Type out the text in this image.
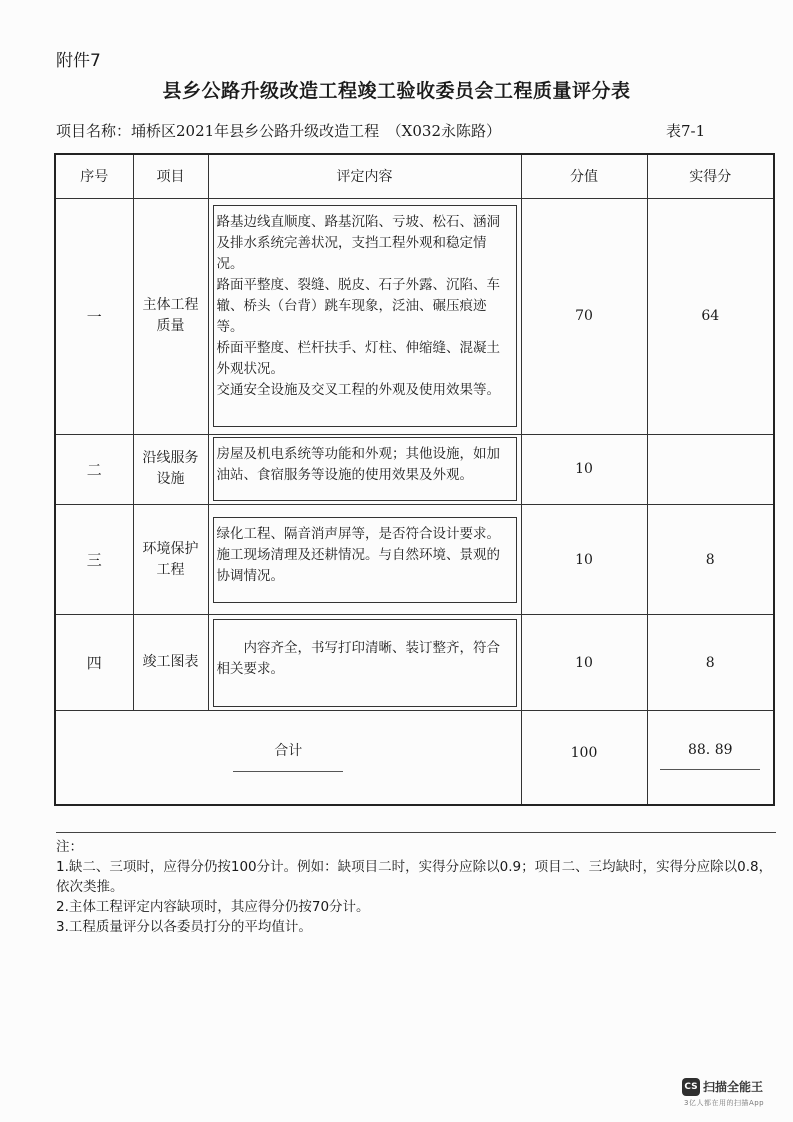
附件7
县乡公路升级改造工程竣工验收委员会工程质量评分表
项目名称：埇桥区2021年县乡公路升级改造工程　（X032永陈路）	表7-1
序号	项目	评定内容	分值	实得分
一	主体工程质量	路基边线直顺度、路基沉陷、亏坡、松石、涵洞及排水系统完善状况，支挡工程外观和稳定情况。

路面平整度、裂缝、脱皮、石子外露、沉陷、车辙、桥头（台背）跳车现象，泛油、碾压痕迹等。

桥面平整度、栏杆扶手、灯柱、伸缩缝、混凝土外观状况。

交通安全设施及交叉工程的外观及使用效果等。	70	64
二	沿线服务设施	房屋及机电系统等功能和外观；其他设施，如加油站、食宿服务等设施的使用效果及外观。	10	
三	环境保护工程	绿化工程、隔音消声屏等，是否符合设计要求。施工现场清理及还耕情况。与自然环境、景观的协调情况。	10	8
四	竣工图表	　　内容齐全，书写打印清晰、装订整齐，符合相关要求。	10	8

合计			100	88. 89

注：

1.缺二、三项时，应得分仍按100分计。例如：缺项目二时，实得分应除以0.9；项目二、三均缺时，实得分应除以0.8，依次类推。

2.主体工程评定内容缺项时，其应得分仍按70分计。

3.工程质量评分以各委员打分的平均值计。

CS 扫描全能王
3亿人都在用的扫描App
